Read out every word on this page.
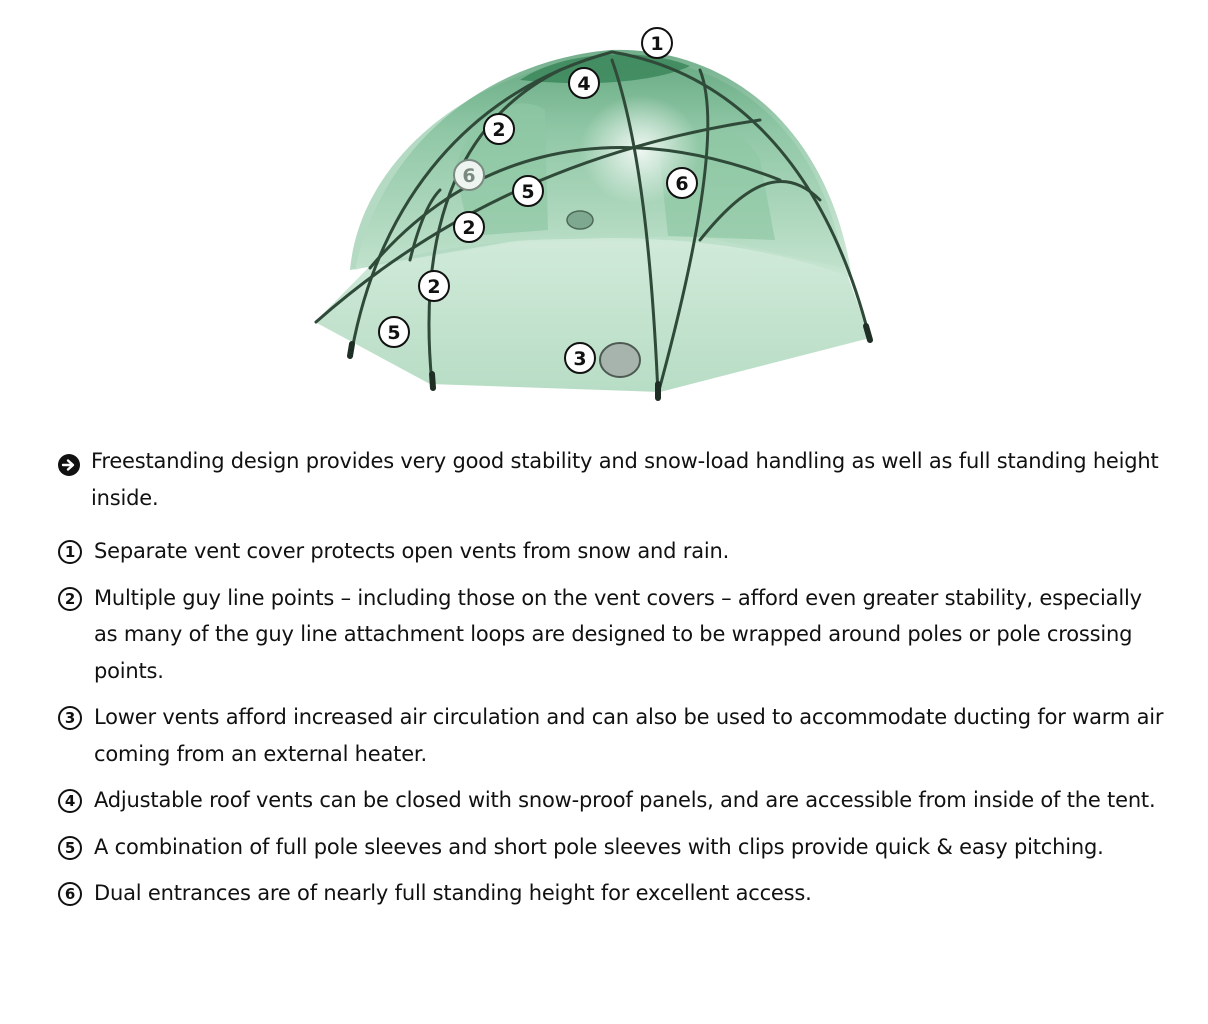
1
4
2
6
5	6
2
2
5
3
Freestanding design provides very good stability and snow-load handling as well as full standing height inside.
1 Separate vent cover protects open vents from snow and rain.
2 Multiple guy line points – including those on the vent covers – afford even greater stability, especially as many of the guy line attachment loops are designed to be wrapped around poles or pole crossing points.
3 Lower vents afford increased air circulation and can also be used to accommodate ducting for warm air coming from an external heater.
4 Adjustable roof vents can be closed with snow-proof panels, and are accessible from inside of the tent.
5 A combination of full pole sleeves and short pole sleeves with clips provide quick & easy pitching.
6 Dual entrances are of nearly full standing height for excellent access.
